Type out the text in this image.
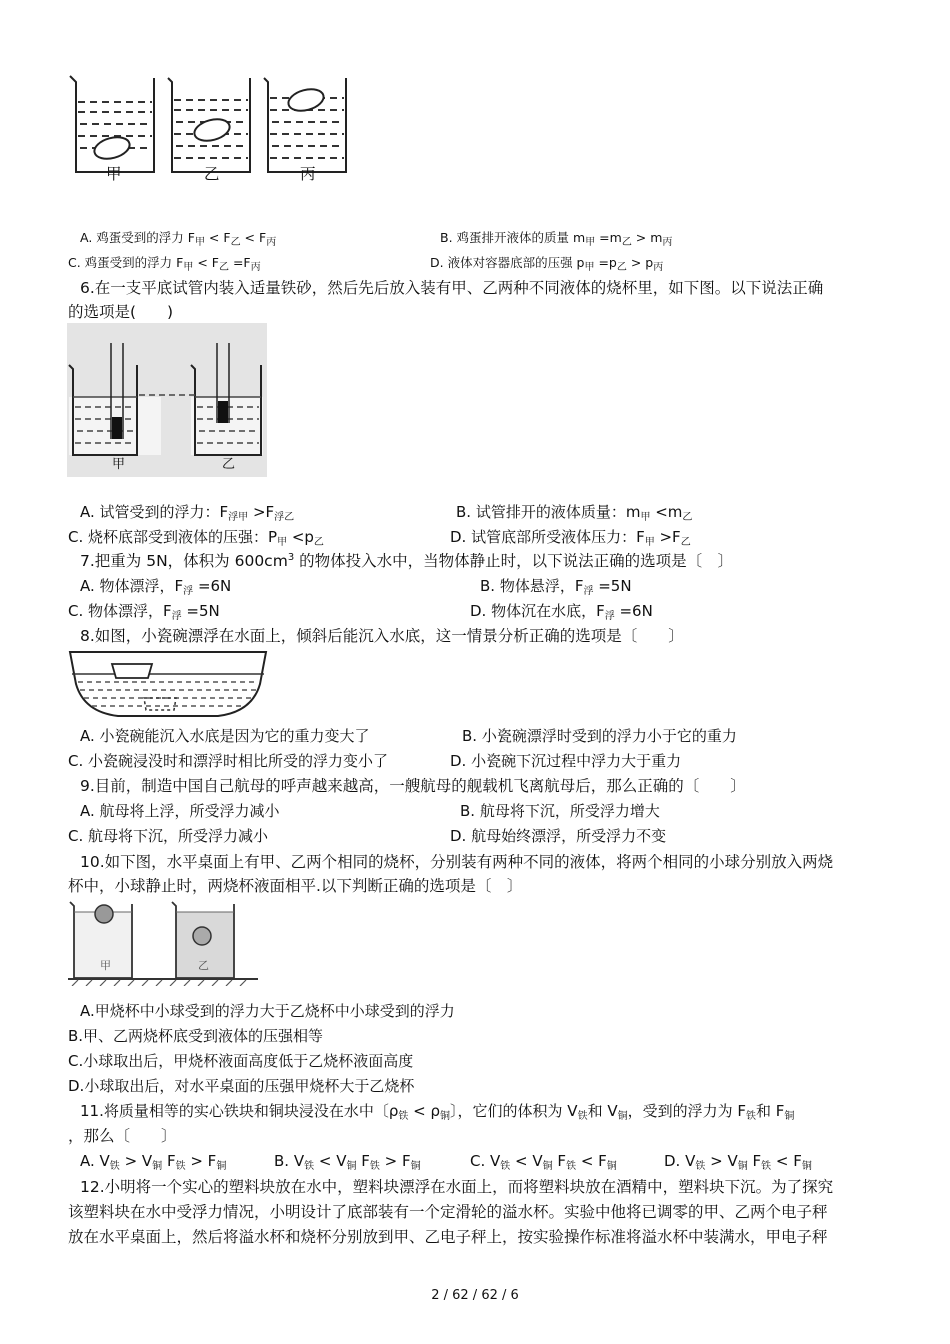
甲	乙	丙
A. 鸡蛋受到的浮力 $F_甲 < F_乙 < F_丙$	B. 鸡蛋排开液体的质量 $m_甲 =m_乙 > m_丙$
C. 鸡蛋受到的浮力 $F_甲 < F_乙 =F_丙$	D. 液体对容器底部的压强 $p_甲 =p_乙 > p_丙$
6.在一支平底试管内装入适量铁砂，然后先后放入装有甲、乙两种不同液体的烧杯里，如下图。以下说法正确
的选项是(　　)
甲	乙
A. 试管受到的浮力：$F_{浮甲} >F_{浮乙}$	B. 试管排开的液体质量：$m_甲 <m_乙$
C. 烧杯底部受到液体的压强：$P_甲 <p_乙$	D. 试管底部所受液体压力：$F_甲 >F_乙$
7.把重为 5N，体积为 $600cm^3$ 的物体投入水中，当物体静止时，以下说法正确的选项是〔　〕
A. 物体漂浮，$F_浮 =6N$	B. 物体悬浮，$F_浮 =5N$
C. 物体漂浮，$F_浮 =5N$	D. 物体沉在水底，$F_浮 =6N$
8.如图，小瓷碗漂浮在水面上，倾斜后能沉入水底，这一情景分析正确的选项是〔　　〕
A. 小瓷碗能沉入水底是因为它的重力变大了	B. 小瓷碗漂浮时受到的浮力小于它的重力
C. 小瓷碗浸没时和漂浮时相比所受的浮力变小了	D. 小瓷碗下沉过程中浮力大于重力
9.目前，制造中国自己航母的呼声越来越高，一艘航母的舰载机飞离航母后，那么正确的〔　　〕
A. 航母将上浮，所受浮力减小	B. 航母将下沉，所受浮力增大
C. 航母将下沉，所受浮力减小	D. 航母始终漂浮，所受浮力不变
10.如下图，水平桌面上有甲、乙两个相同的烧杯，分别装有两种不同的液体，将两个相同的小球分别放入两烧
杯中，小球静止时，两烧杯液面相平.以下判断正确的选项是〔　〕
甲	乙
A.甲烧杯中小球受到的浮力大于乙烧杯中小球受到的浮力
B.甲、乙两烧杯底受到液体的压强相等
C.小球取出后，甲烧杯液面高度低于乙烧杯液面高度
D.小球取出后，对水平桌面的压强甲烧杯大于乙烧杯
11.将质量相等的实心铁块和铜块浸没在水中〔$\rho_铁 < \rho_铜$〕，它们的体积为 $V_铁$和 $V_铜$，受到的浮力为 $F_铁$和 $F_铜$
，那么〔　　〕
A. $V_铁 > V_铜$ $F_铁 > F_铜$	B. $V_铁 < V_铜$ $F_铁 > F_铜$	C. $V_铁 < V_铜$ $F_铁 < F_铜$	D. $V_铁 > V_铜$ $F_铁 < F_铜$
12.小明将一个实心的塑料块放在水中，塑料块漂浮在水面上，而将塑料块放在酒精中，塑料块下沉。为了探究
该塑料块在水中受浮力情况，小明设计了底部装有一个定滑轮的溢水杯。实验中他将已调零的甲、乙两个电子秤
放在水平桌面上，然后将溢水杯和烧杯分别放到甲、乙电子秤上，按实验操作标准将溢水杯中装满水，甲电子秤
2 / 62 / 62 / 6
